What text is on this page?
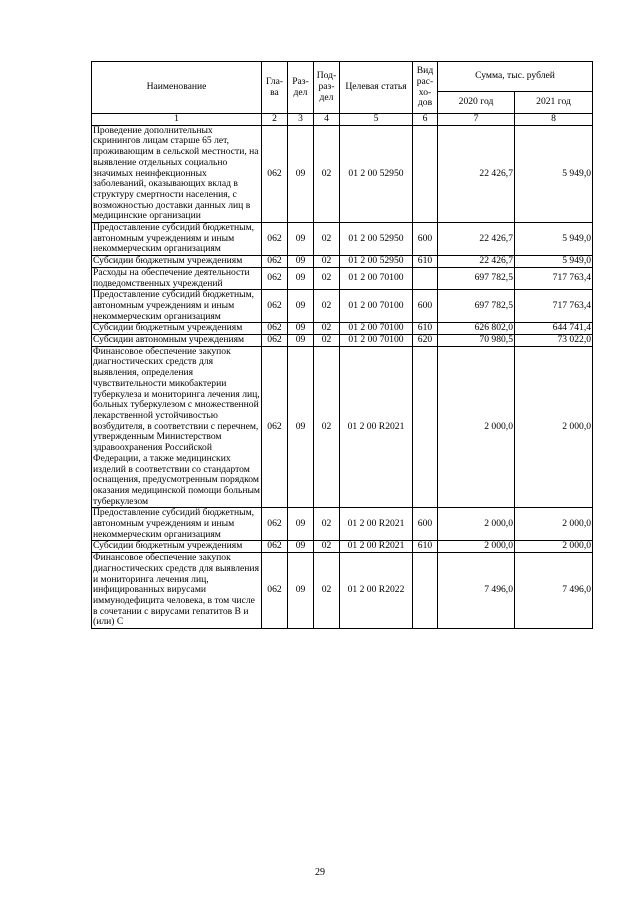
Наименование	Гла-ва	Раз-дел	Под-раз-дел	Целевая статья	Вид рас-хо-дов	Сумма, тыс. рублей	
						2020 год	2021 год
1	2	3	4	5	6	7	8
Проведение дополнительных скринингов лицам старше 65 лет, проживающим в сельской местности, на выявление отдельных социально значимых неинфекционных заболеваний, оказывающих вклад в структуру смертности населения, с возможностью доставки данных лиц в медицинские организации	062	09	02	01 2 00 52950		22 426,7	5 949,0
Предоставление субсидий бюджетным, автономным учреждениям и иным некоммерческим организациям	062	09	02	01 2 00 52950	600	22 426,7	5 949,0
Субсидии бюджетным учреждениям	062	09	02	01 2 00 52950	610	22 426,7	5 949,0
Расходы на обеспечение деятельности подведомственных учреждений	062	09	02	01 2 00 70100		697 782,5	717 763,4
Предоставление субсидий бюджетным, автономным учреждениям и иным некоммерческим организациям	062	09	02	01 2 00 70100	600	697 782,5	717 763,4
Субсидии бюджетным учреждениям	062	09	02	01 2 00 70100	610	626 802,0	644 741,4
Субсидии автономным учреждениям	062	09	02	01 2 00 70100	620	70 980,5	73 022,0
Финансовое обеспечение закупок диагностических средств для выявления, определения чувствительности микобактерии туберкулеза и мониторинга лечения лиц, больных туберкулезом с множественной лекарственной устойчивостью возбудителя, в соответствии с перечнем, утвержденным Министерством здравоохранения Российской Федерации, а также медицинских изделий в соответствии со стандартом оснащения, предусмотренным порядком оказания медицинской помощи больным туберкулезом	062	09	02	01 2 00 R2021		2 000,0	2 000,0
Предоставление субсидий бюджетным, автономным учреждениям и иным некоммерческим организациям	062	09	02	01 2 00 R2021	600	2 000,0	2 000,0
Субсидии бюджетным учреждениям	062	09	02	01 2 00 R2021	610	2 000,0	2 000,0
Финансовое обеспечение закупок диагностических средств для выявления и мониторинга лечения лиц, инфицированных вирусами иммунодефицита человека, в том числе в сочетании с вирусами гепатитов B и (или) C	062	09	02	01 2 00 R2022		7 496,0	7 496,0
29
